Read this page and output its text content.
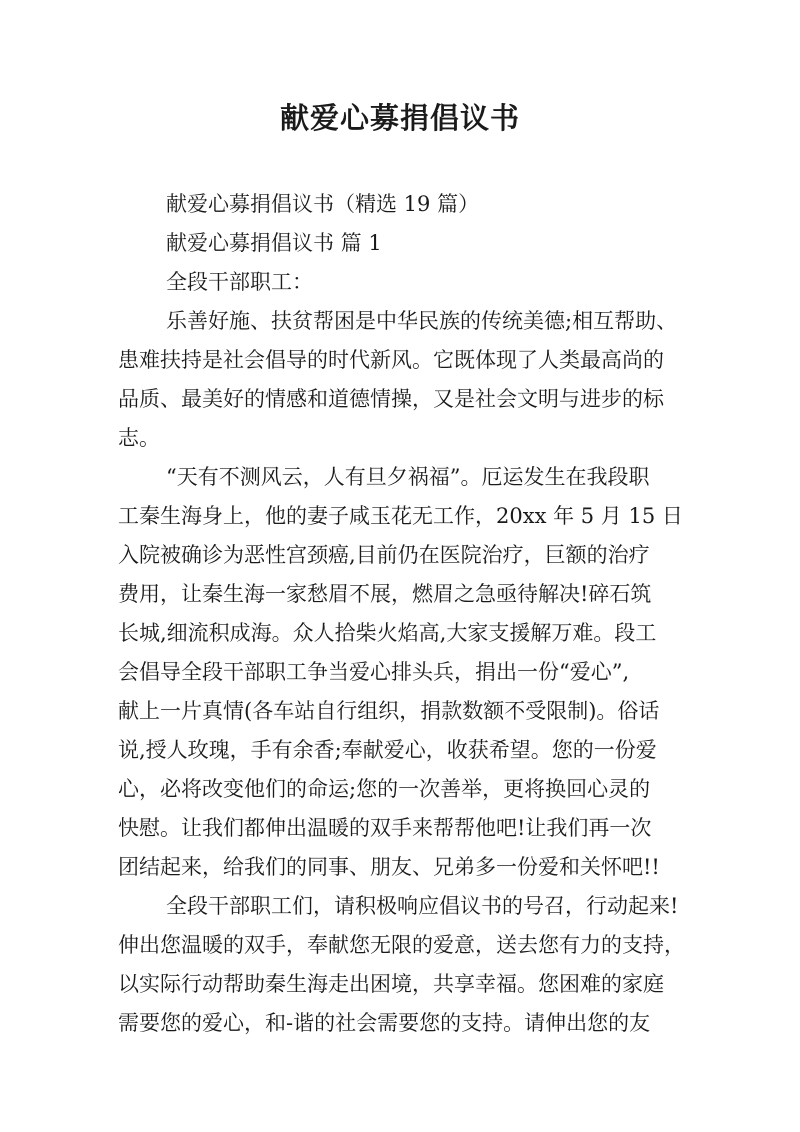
献爱心募捐倡议书

献爱心募捐倡议书（精选 19 篇）

献爱心募捐倡议书 篇 1

全段干部职工：

乐善好施、扶贫帮困是中华民族的传统美德;相互帮助、

患难扶持是社会倡导的时代新风。它既体现了人类最高尚的

品质、最美好的情感和道德情操，又是社会文明与进步的标

志。

“天有不测风云，人有旦夕祸福”。厄运发生在我段职

工秦生海身上，他的妻子咸玉花无工作，20xx 年 5 月 15 日

入院被确诊为恶性宫颈癌,目前仍在医院治疗，巨额的治疗

费用，让秦生海一家愁眉不展，燃眉之急亟待解决!碎石筑

长城,细流积成海。众人拾柴火焰高,大家支援解万难。段工

会倡导全段干部职工争当爱心排头兵，捐出一份“爱心”,

献上一片真情(各车站自行组织，捐款数额不受限制)。俗话

说,授人玫瑰，手有余香;奉献爱心，收获希望。您的一份爱

心，必将改变他们的命运;您的一次善举，更将换回心灵的

快慰。让我们都伸出温暖的双手来帮帮他吧!让我们再一次

团结起来，给我们的同事、朋友、兄弟多一份爱和关怀吧!!

全段干部职工们，请积极响应倡议书的号召，行动起来!

伸出您温暖的双手，奉献您无限的爱意，送去您有力的支持，

以实际行动帮助秦生海走出困境，共享幸福。您困难的家庭

需要您的爱心，和-谐的社会需要您的支持。请伸出您的友
